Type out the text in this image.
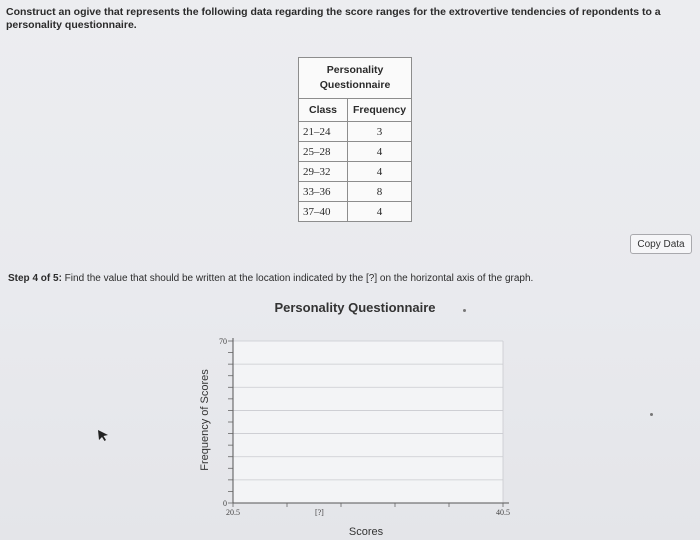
Construct an ogive that represents the following data regarding the score ranges for the extrovertive tendencies of repondents to a personality questionnaire.
Personality
Questionnaire	
Class	Frequency
21–24	3
25–28	4
29–32	4
33–36	8
37–40	4
Copy Data
Step 4 of 5: Find the value that should be written at the location indicated by the [?] on the horizontal axis of the graph.
Personality Questionnaire
0
70
20.5	[?]	40.5
Frequency of Scores
Scores
